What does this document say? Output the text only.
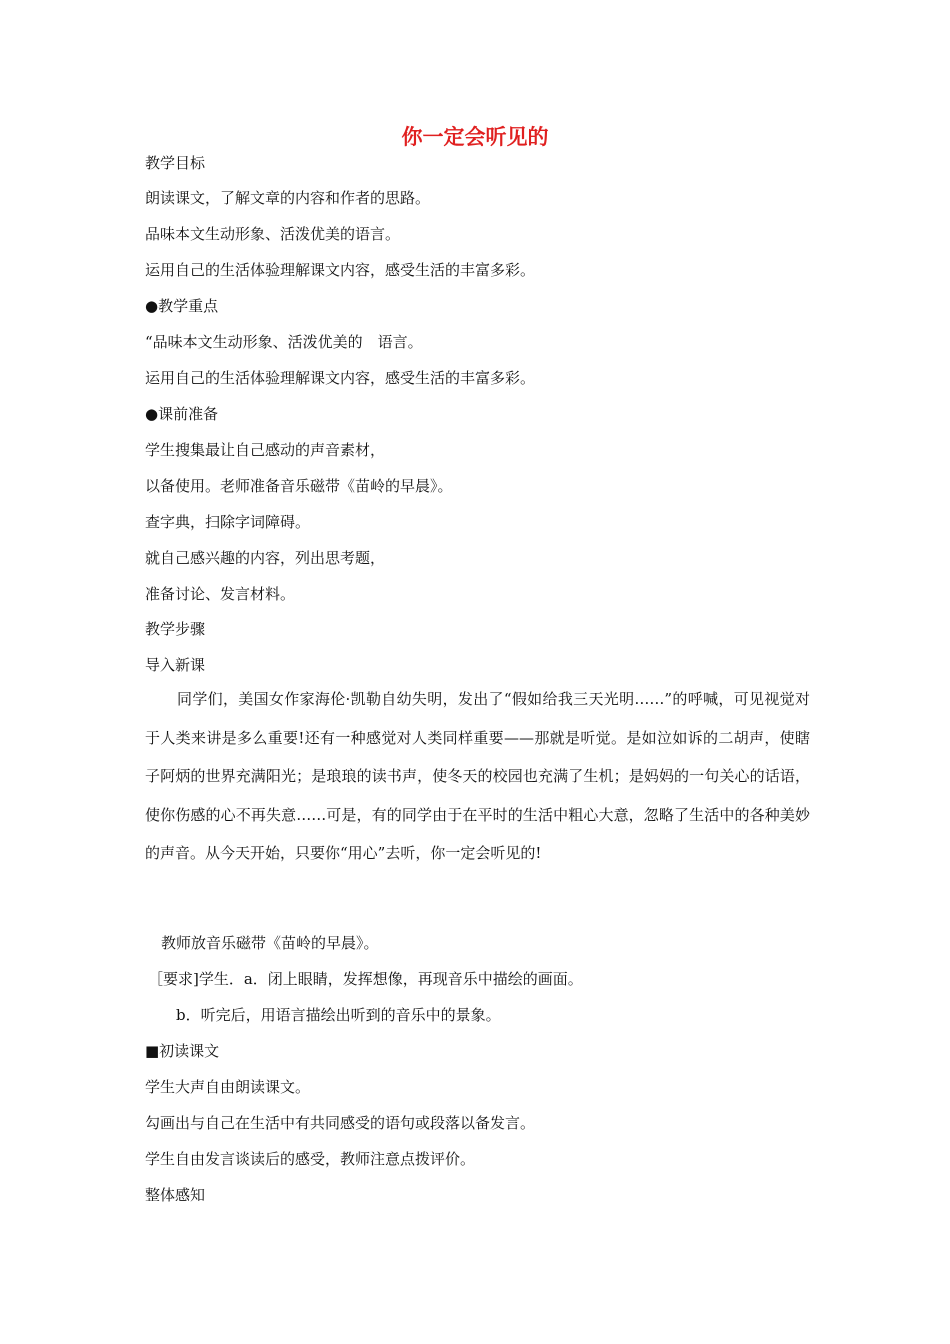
你一定会听见的
教学目标
朗读课文，了解文章的内容和作者的思路。
品味本文生动形象、活泼优美的语言。
运用自己的生活体验理解课文内容，感受生活的丰富多彩。
●教学重点
“品味本文生动形象、活泼优美的　语言。
运用自己的生活体验理解课文内容，感受生活的丰富多彩。
●课前准备
学生搜集最让自己感动的声音素材，
以备使用。老师准备音乐磁带《苗岭的早晨》。
查字典，扫除字词障碍。
就自己感兴趣的内容，列出思考题，
准备讨论、发言材料。
教学步骤
导入新课
同学们，美国女作家海伦·凯勒自幼失明，发出了“假如给我三天光明……”的呼喊，可见视觉对于人类来讲是多么重要!还有一种感觉对人类同样重要——那就是听觉。是如泣如诉的二胡声，使瞎子阿炳的世界充满阳光；是琅琅的读书声，使冬天的校园也充满了生机；是妈妈的一句关心的话语，使你伤感的心不再失意……可是，有的同学由于在平时的生活中粗心大意，忽略了生活中的各种美妙的声音。从今天开始，只要你“用心”去听，你一定会听见的!
教师放音乐磁带《苗岭的早晨》。
［要求]学生．a．闭上眼睛，发挥想像，再现音乐中描绘的画面。
b．听完后，用语言描绘出听到的音乐中的景象。
■初读课文
学生大声自由朗读课文。
勾画出与自己在生活中有共同感受的语句或段落以备发言。
学生自由发言谈读后的感受，教师注意点拨评价。
整体感知
